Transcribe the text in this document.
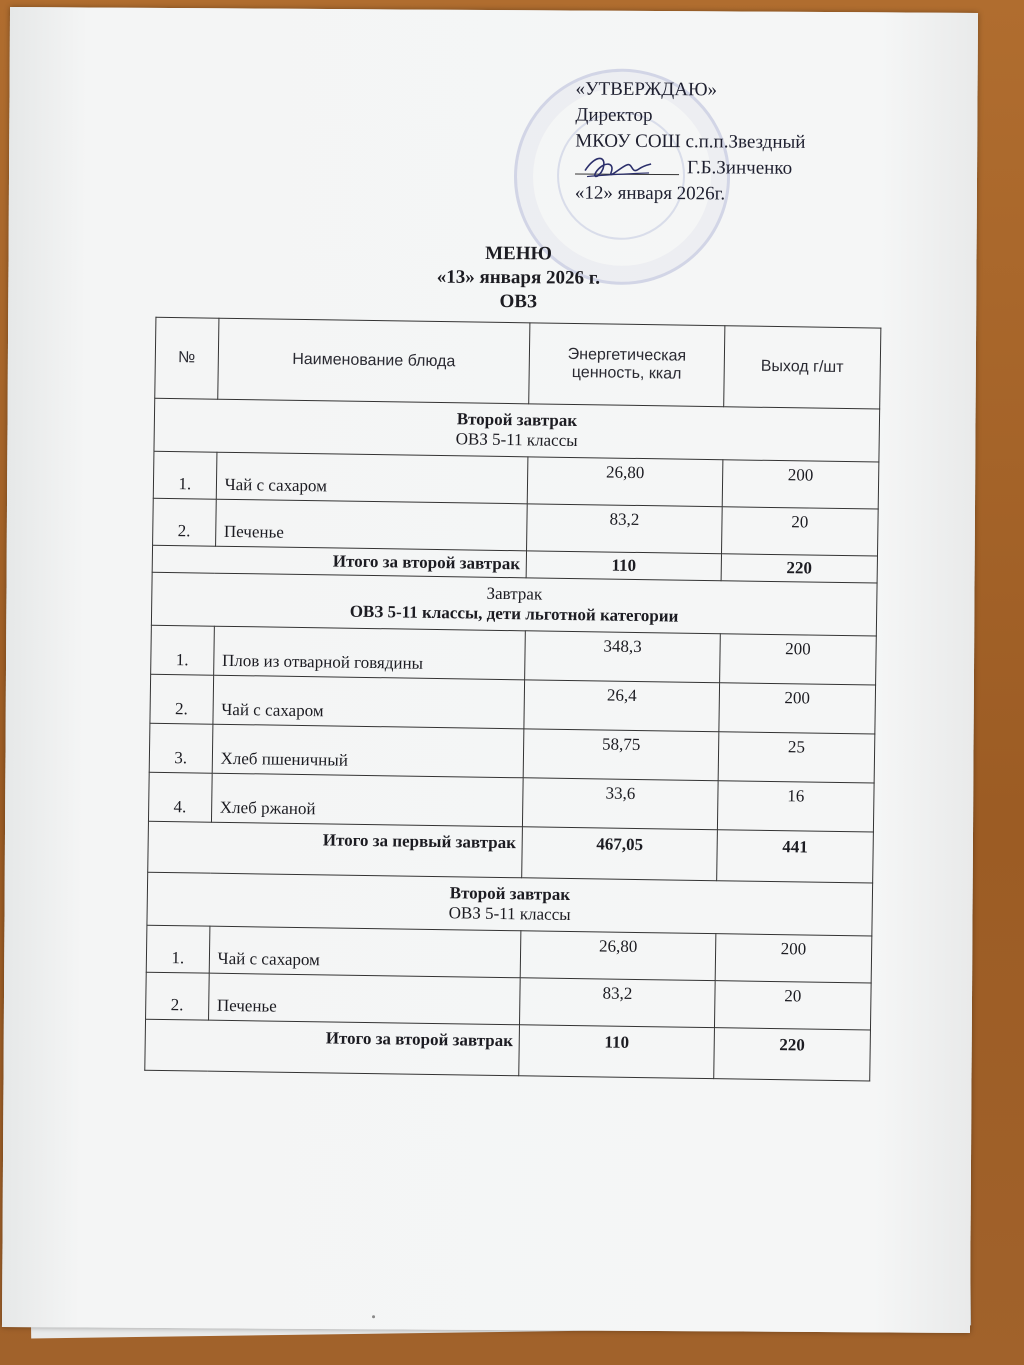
«УТВЕРЖДАЮ»
Директор
МКОУ СОШ с.п.п.Звездный
Г.Б.Зинченко
«12» января 2026г.
МЕНЮ
«13» января 2026 г.
ОВЗ
№	Наименование блюда	Энергетическая ценность, ккал	Выход г/шт

Второй завтрак
ОВЗ 5-11 классы			
1.	Чай с сахаром	26,80	200
2.	Печенье	83,2	20
Итого за второй завтрак		110	220

Завтрак
ОВЗ 5-11 классы, дети льготной категории			

1.	Плов из отварной говядины	348,3	200
2.	Чай с сахаром	26,4	200
3.	Хлеб пшеничный	58,75	25
4.	Хлеб ржаной	33,6	16
Итого за первый завтрак		467,05	441

Второй завтрак
ОВЗ 5-11 классы			
1.	Чай с сахаром	26,80	200
2.	Печенье	83,2	20
Итого за второй завтрак		110	220
